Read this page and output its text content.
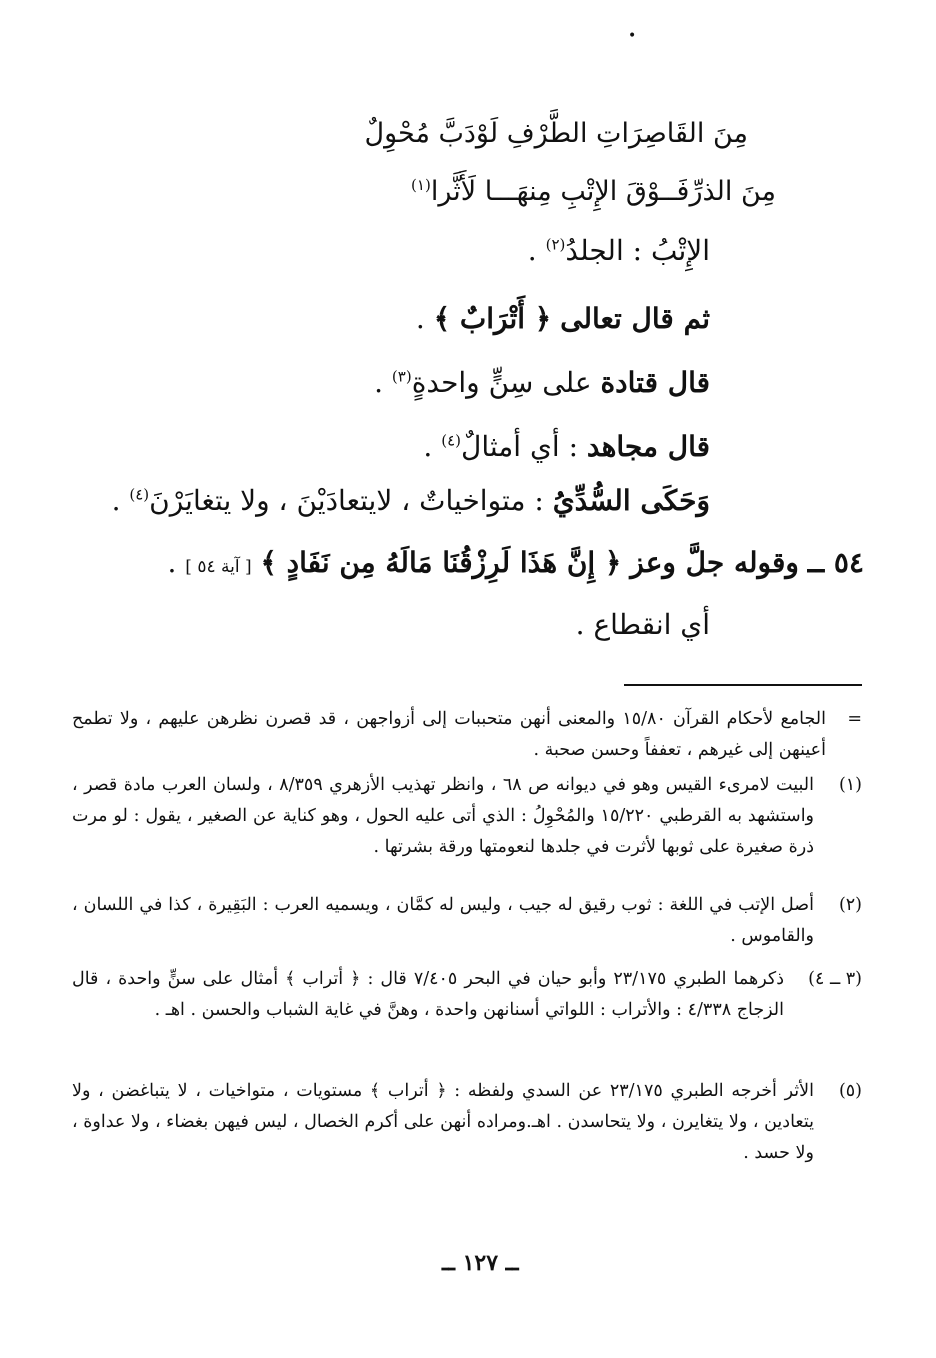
•
مِنَ القَاصِرَاتِ الطَّرْفِ لَوْدَبَّ مُحْوِلٌ
مِنَ الذرِّفَــوْقَ الإِتْبِ مِنهَـــا لَأَثَّرا$^{(١)}$
الإِتْبُ : الجلدُ$^{(٢)}$ .
ثم قال تعالى ﴿ أَتْرَابٌ ﴾ .
قال قتادة على سِنٍّ واحدةٍ$^{(٣)}$ .
قال مجاهد : أي أمثالٌ$^{(٤)}$ .
وَحَكَى السُّدِّيُ : متواخياتٌ ، لايتعادَيْنَ ، ولا يتغايَرْنَ$^{(٤)}$ .
٥٤ ــ وقوله جلَّ وعز ﴿ إِنَّ هَذَا لَرِزْقُنَا مَالَهُ مِن نَفَادٍ ﴾ [ آية ٥٤ ] .
أي انقطاع .
=
الجامع لأحكام القرآن ١٥/٨٠ والمعنى أنهن متحببات إلى أزواجهن ، قد قصرن نظرهن عليهم ، ولا تطمح أعينهن إلى غيرهم ، تعففاً وحسن صحبة .
(١)
البيت لامرىء القيس وهو في ديوانه ص ٦٨ ، وانظر تهذيب الأزهري ٨/٣٥٩ ، ولسان العرب مادة قصر ، واستشهد به القرطبي ١٥/٢٢٠ والمُحْوِلُ : الذي أتى عليه الحول ، وهو كناية عن الصغير ، يقول : لو مرت ذرة صغيرة على ثوبها لأثرت في جلدها لنعومتها ورقة بشرتها .
(٢)
أصل الإتب في اللغة : ثوب رقيق له جيب ، وليس له كمَّان ، ويسميه العرب : البَقِيرة ، كذا في اللسان ، والقاموس .
(٣ ــ ٤)
ذكرهما الطبري ٢٣/١٧٥ وأبو حيان في البحر ٧/٤٠٥ قال : ﴿ أتراب ﴾ أمثال على سنٍّ واحدة ، قال الزجاج ٤/٣٣٨ : والأتراب : اللواتي أسنانهن واحدة ، وهنَّ في غاية الشباب والحسن . اهـ .
(٥)
الأثر أخرجه الطبري ٢٣/١٧٥ عن السدي ولفظه : ﴿ أتراب ﴾ مستويات ، متواخيات ، لا يتباغضن ، ولا يتعادين ، ولا يتغايرن ، ولا يتحاسدن . اهـ.ومراده أنهن على أكرم الخصال ، ليس فيهن بغضاء ، ولا عداوة ، ولا حسد .
ــ ١٢٧ ــ
